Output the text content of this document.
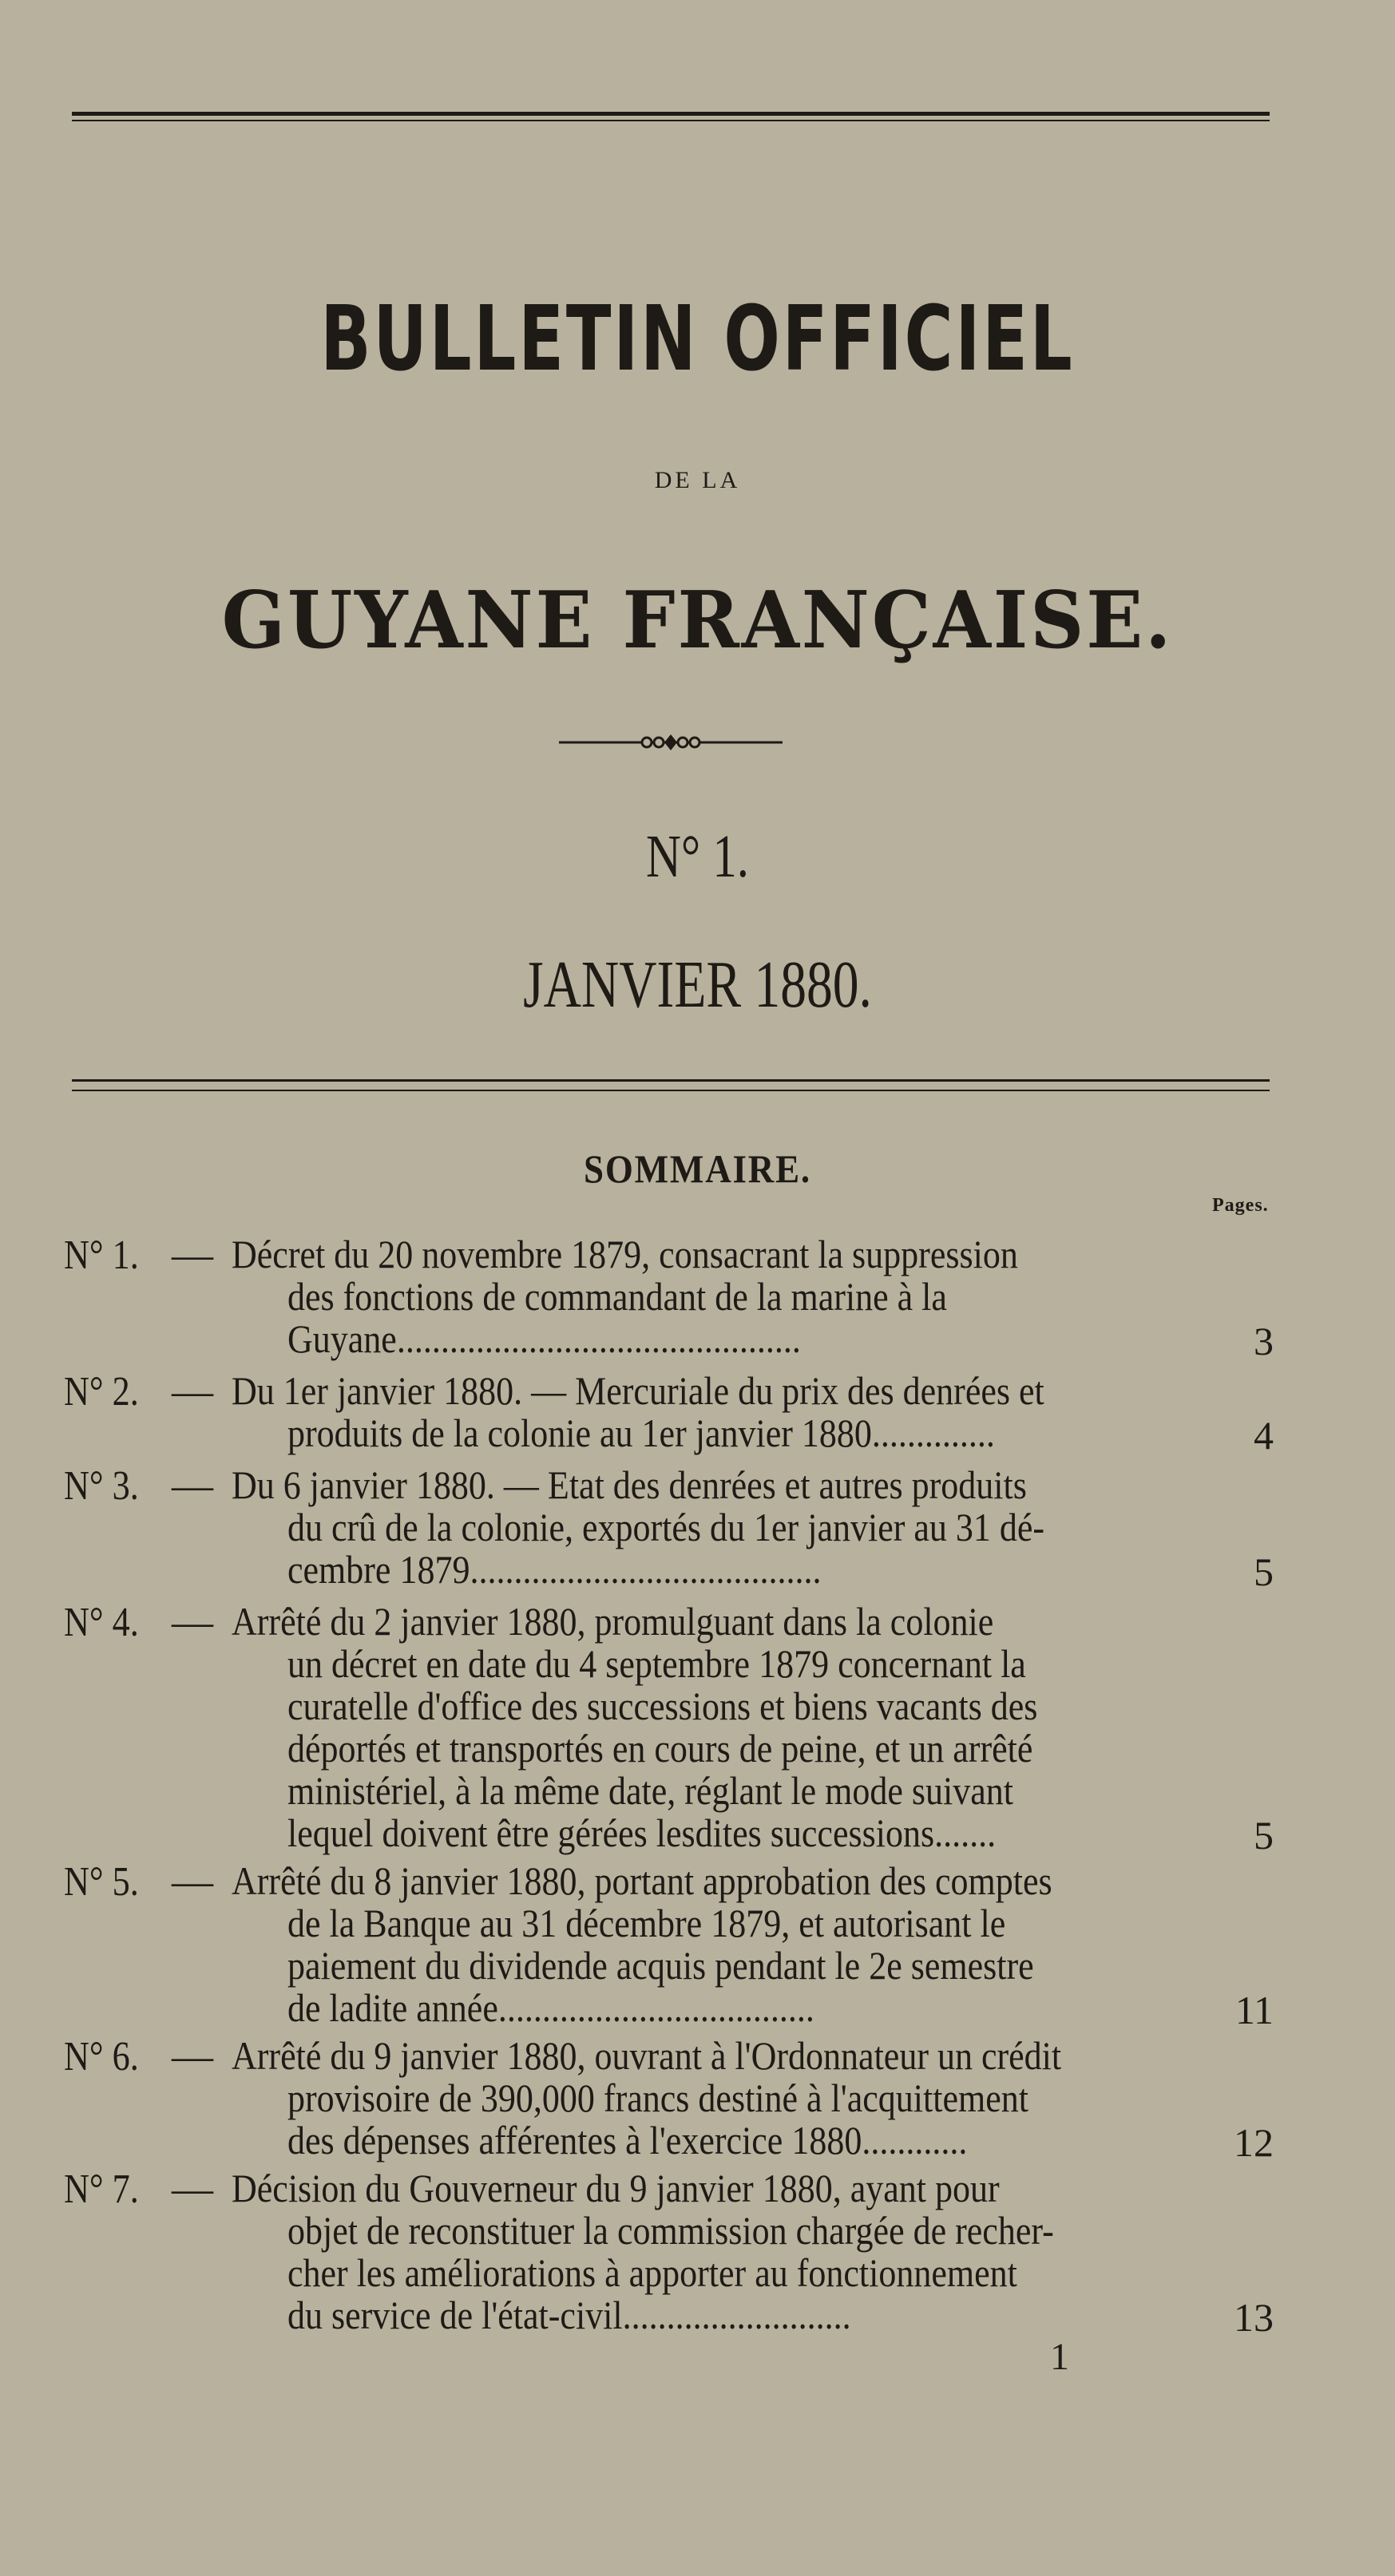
BULLETIN OFFICIEL
DE LA
GUYANE FRANÇAISE.
N° 1.
JANVIER 1880.
SOMMAIRE.
Pages.
N° 1. — Décret du 20 novembre 1879, consacrant la suppression
des fonctions de commandant de la marine à la
Guyane..............................................	3
N° 2. — Du 1er janvier 1880. — Mercuriale du prix des denrées et
produits de la colonie au 1er janvier 1880..............	4
N° 3. — Du 6 janvier 1880. — Etat des denrées et autres produits
du crû de la colonie, exportés du 1er janvier au 31 dé-
cembre 1879........................................	5
N° 4. — Arrêté du 2 janvier 1880, promulguant dans la colonie
un décret en date du 4 septembre 1879 concernant la
curatelle d'office des successions et biens vacants des
déportés et transportés en cours de peine, et un arrêté
ministériel, à la même date, réglant le mode suivant
lequel doivent être gérées lesdites successions.......	5
N° 5. — Arrêté du 8 janvier 1880, portant approbation des comptes
de la Banque au 31 décembre 1879, et autorisant le
paiement du dividende acquis pendant le 2e semestre
de ladite année....................................	11
N° 6. — Arrêté du 9 janvier 1880, ouvrant à l'Ordonnateur un crédit
provisoire de 390,000 francs destiné à l'acquittement
des dépenses afférentes à l'exercice 1880............	12
N° 7. — Décision du Gouverneur du 9 janvier 1880, ayant pour
objet de reconstituer la commission chargée de recher-
cher les améliorations à apporter au fonctionnement
du service de l'état-civil..........................	13
1
